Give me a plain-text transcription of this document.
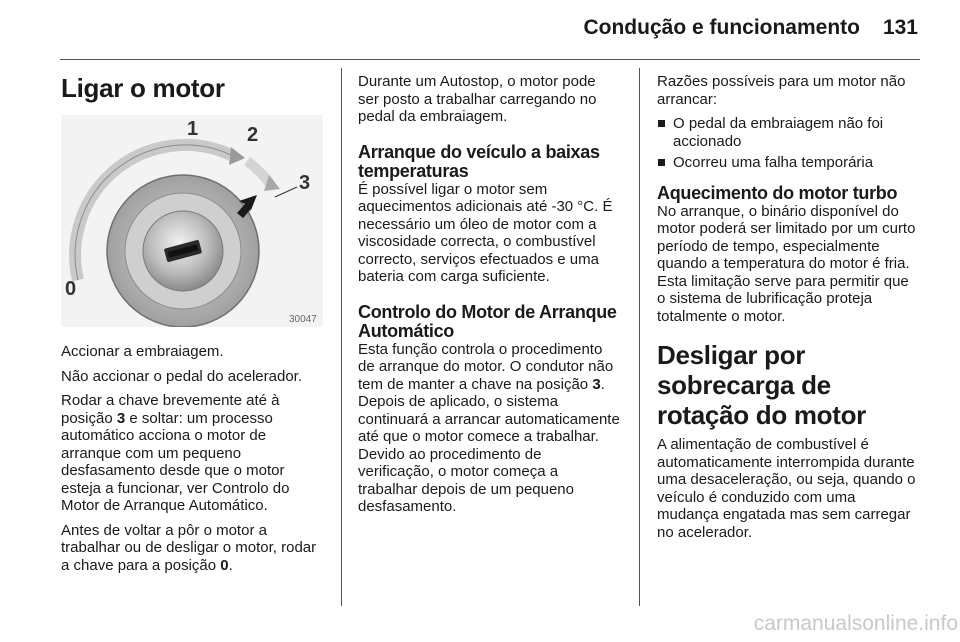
Condução e funcionamento	131
Ligar o motor
1 2
3
0
30047

Accionar a embraiagem.

Não accionar o pedal do acelerador.

Rodar a chave brevemente até à posição 3 e soltar: um processo automático acciona o motor de arranque com um pequeno desfasamento desde que o motor esteja a funcionar, ver Controlo do Motor de Arranque Automático.

Antes de voltar a pôr o motor a trabalhar ou de desligar o motor, rodar a chave para a posição 0.

Durante um Autostop, o motor pode ser posto a trabalhar carregando no pedal da embraiagem.

Arranque do veículo a baixas temperaturas

É possível ligar o motor sem aquecimentos adicionais até -30 °C. É necessário um óleo de motor com a viscosidade correcta, o combustível correcto, serviços efectuados e uma bateria com carga suficiente.

Controlo do Motor de Arranque Automático

Esta função controla o procedimento de arranque do motor. O condutor não tem de manter a chave na posição 3. Depois de aplicado, o sistema continuará a arrancar automaticamente até que o motor comece a trabalhar. Devido ao procedimento de verificação, o motor começa a trabalhar depois de um pequeno desfasamento.

Razões possíveis para um motor não arrancar:

O pedal da embraiagem não foi accionado
Ocorreu uma falha temporária
Aquecimento do motor turbo

No arranque, o binário disponível do motor poderá ser limitado por um curto período de tempo, especialmente quando a temperatura do motor é fria. Esta limitação serve para permitir que o sistema de lubrificação proteja totalmente o motor.

Desligar por sobrecarga de rotação do motor

A alimentação de combustível é automaticamente interrompida durante uma desaceleração, ou seja, quando o veículo é conduzido com uma mudança engatada mas sem carregar no acelerador.

carmanualsonline.info
